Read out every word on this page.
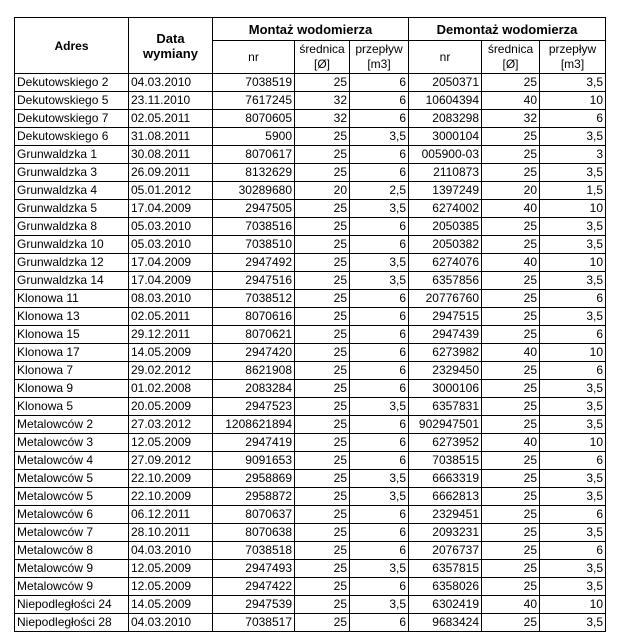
Adres	Data wymiany	Montaż wodomierza			Demontaż wodomierza		
		nr	średnica [Ø]	przepływ [m3]	nr	średnica [Ø]	przepływ [m3]
Dekutowskiego 2	04.03.2010	7038519	25	6	2050371	25	3,5
Dekutowskiego 5	23.11.2010	7617245	32	6	10604394	40	10
Dekutowskiego 7	02.05.2011	8070605	32	6	2083298	32	6
Dekutowskiego 6	31.08.2011	5900	25	3,5	3000104	25	3,5
Grunwaldzka 1	30.08.2011	8070617	25	6	005900-03	25	3
Grunwaldzka 3	26.09.2011	8132629	25	6	2110873	25	3,5
Grunwaldzka 4	05.01.2012	30289680	20	2,5	1397249	20	1,5
Grunwaldzka 5	17.04.2009	2947505	25	3,5	6274002	40	10
Grunwaldzka 8	05.03.2010	7038516	25	6	2050385	25	3,5
Grunwaldzka 10	05.03.2010	7038510	25	6	2050382	25	3,5
Grunwaldzka 12	17.04.2009	2947492	25	3,5	6274076	40	10
Grunwaldzka 14	17.04.2009	2947516	25	3,5	6357856	25	3,5
Klonowa 11	08.03.2010	7038512	25	6	20776760	25	6
Klonowa 13	02.05.2011	8070616	25	6	2947515	25	3,5
Klonowa 15	29.12.2011	8070621	25	6	2947439	25	6
Klonowa 17	14.05.2009	2947420	25	6	6273982	40	10
Klonowa 7	29.02.2012	8621908	25	6	2329450	25	6
Klonowa 9	01.02.2008	2083284	25	6	3000106	25	3,5
Klonowa 5	20.05.2009	2947523	25	3,5	6357831	25	3,5
Metalowców 2	27.03.2012	1208621894	25	6	902947501	25	3,5
Metalowców 3	12.05.2009	2947419	25	6	6273952	40	10
Metalowców 4	27.09.2012	9091653	25	6	7038515	25	6
Metalowców 5	22.10.2009	2958869	25	3,5	6663319	25	3,5
Metalowców 5	22.10.2009	2958872	25	3,5	6662813	25	3,5
Metalowców 6	06.12.2011	8070637	25	6	2329451	25	6
Metalowców 7	28.10.2011	8070638	25	6	2093231	25	3,5
Metalowców 8	04.03.2010	7038518	25	6	2076737	25	6
Metalowców 9	12.05.2009	2947493	25	3,5	6357815	25	3,5
Metalowców 9	12.05.2009	2947422	25	6	6358026	25	3,5
Niepodległości 24	14.05.2009	2947539	25	3,5	6302419	40	10
Niepodległości 28	04.03.2010	7038517	25	6	9683424	25	3,5
